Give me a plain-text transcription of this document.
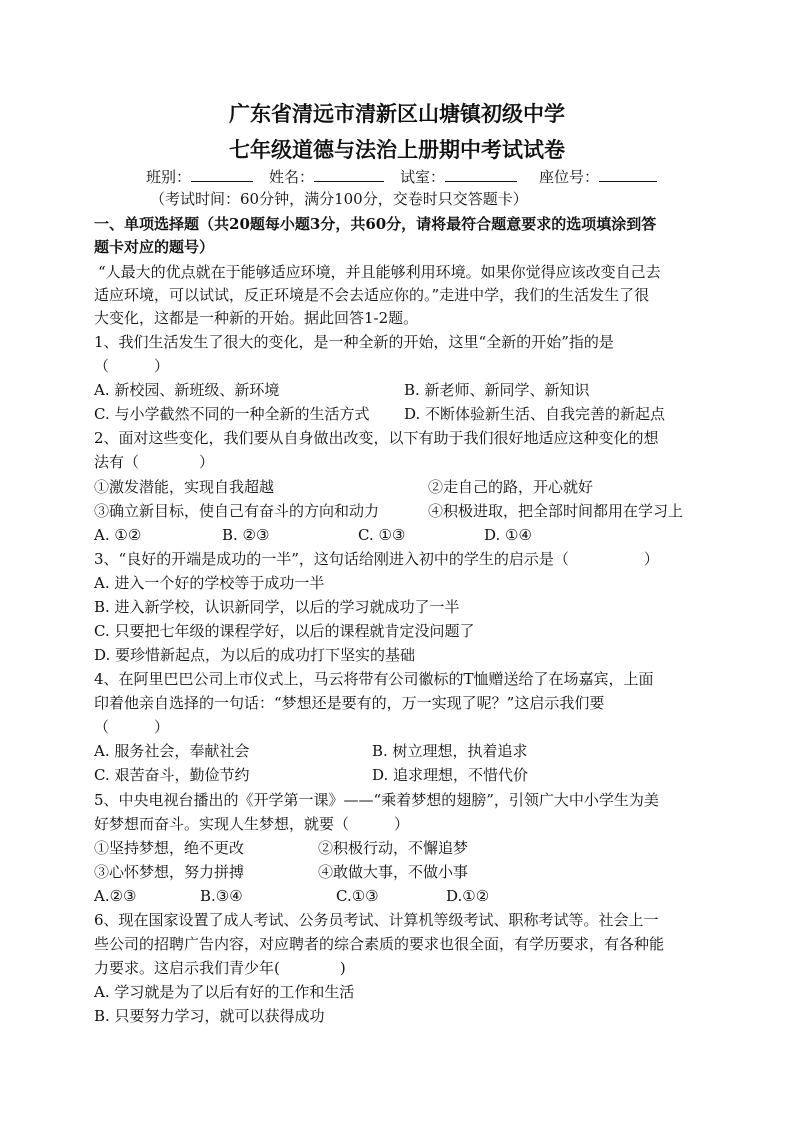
广东省清远市清新区山塘镇初级中学
七年级道德与法治上册期中考试试卷
班别：	姓名：	试室：	座位号：
（考试时间：60分钟，满分100分，交卷时只交答题卡）
一、单项选择题（共20题每小题3分，共60分，请将最符合题意要求的选项填涂到答
题卡对应的题号）
“人最大的优点就在于能够适应环境，并且能够利用环境。如果你觉得应该改变自己去
适应环境，可以试试，反正环境是不会去适应你的。”走进中学，我们的生活发生了很
大变化，这都是一种新的开始。据此回答1-2题。
1、我们生活发生了很大的变化，是一种全新的开始，这里“全新的开始”指的是
（　　　）
A. 新校园、新班级、新环境	B. 新老师、新同学、新知识
C. 与小学截然不同的一种全新的生活方式 D. 不断体验新生活、自我完善的新起点
2、面对这些变化，我们要从自身做出改变，以下有助于我们很好地适应这种变化的想
法有（　　　　）
①激发潜能，实现自我超越	②走自己的路，开心就好
③确立新目标，使自己有奋斗的方向和动力	④积极进取，把全部时间都用在学习上
A. ①②	B. ②③	C. ①③	D. ①④
3、“良好的开端是成功的一半”，这句话给刚进入初中的学生的启示是（　　　　　）
A. 进入一个好的学校等于成功一半
B. 进入新学校，认识新同学，以后的学习就成功了一半
C. 只要把七年级的课程学好，以后的课程就肯定没问题了
D. 要珍惜新起点，为以后的成功打下坚实的基础
4、在阿里巴巴公司上市仪式上，马云将带有公司徽标的T恤赠送给了在场嘉宾，上面
印着他亲自选择的一句话：“梦想还是要有的，万一实现了呢？”这启示我们要
（　　　）
A. 服务社会，奉献社会	B. 树立理想，执着追求
C. 艰苦奋斗，勤俭节约	D. 追求理想，不惜代价
5、中央电视台播出的《开学第一课》——“乘着梦想的翅膀”，引领广大中小学生为美
好梦想而奋斗。实现人生梦想，就要（　　　）
①坚持梦想，绝不更改	②积极行动，不懈追梦
③心怀梦想，努力拼搏	④敢做大事，不做小事
A.②③	B.③④	C.①③	D.①②
6、现在国家设置了成人考试、公务员考试、计算机等级考试、职称考试等。社会上一
些公司的招聘广告内容，对应聘者的综合素质的要求也很全面，有学历要求，有各种能
力要求。这启示我们青少年(　　　　)
A. 学习就是为了以后有好的工作和生活
B. 只要努力学习，就可以获得成功
